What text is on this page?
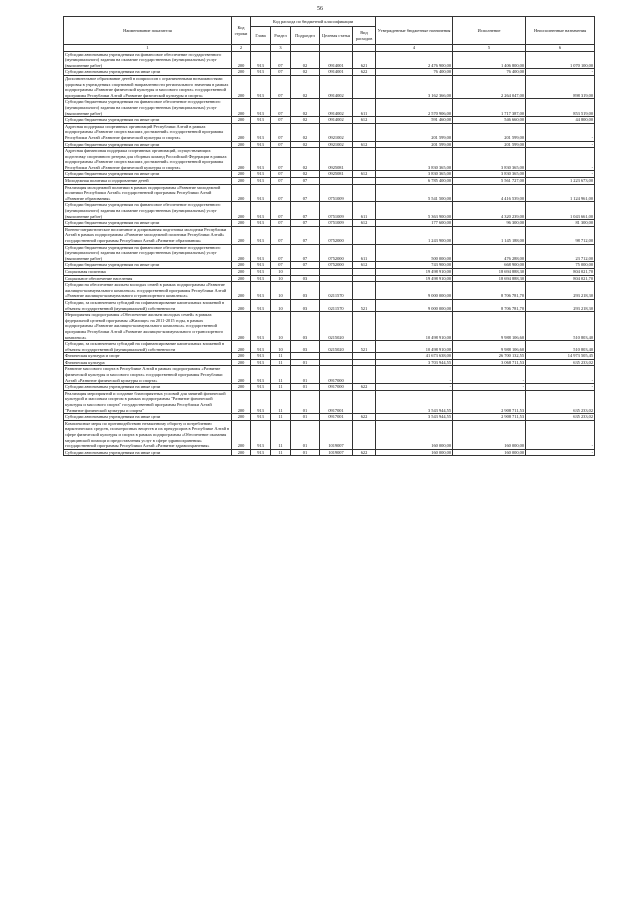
56
Наименование показателя	Код строки	Код расхода по бюджетной классификации					Утвержденные бюджетные назначения	Исполнение	Неисполненные назначения
		Глава	Раздел	Подраздел	Целевая статья	Вид расходов			
1	2		3				4	5	6
Субсидии автономным учреждениям на финансовое обеспечение государственного (муниципального) задания на оказание государственных (муниципальных) услуг (выполнение работ)	200	913	07	02	0914001	621	2 476 900,00	1 406 800,00	1 070 100,00
Субсидии автономным учреждениям на иные цели	200	913	07	02	0914001	622	76 400,00	76 400,00	-
Дополнительное образование детей в поприсосов с ограниченными возможностями здоровья в учреждениях спортивной направленности регионального значения в рамках подпрограммы «Развитие физической культуры и массового спорта» государственной программы Республики Алтай «Развитие физической культуры и спорта»	200	913	07	02	0914002		3 162 366,00	2 264 047,00	898 319,00
Субсидии бюджетным учреждениям на финансовое обеспечение государственного (муниципального) задания на оказание государственных (муниципальных) услуг (выполнение работ)	200	913	07	02	0914002	611	2 570 906,00	1 717 387,00	853 519,00
Субсидии бюджетным учреждениям на иные цели	200	913	07	02	0914002	612	591 460,00	546 660,00	44 800,00
Адресная поддержка спортивных организаций Республики Алтай в рамках подпрограммы «Развитие спорта высших достижений» государственной программы Республики Алтай «Развитие физической культуры и спорта»	200	913	07	02	0921002		201 599,00	201 599,00	-
Субсидии бюджетным учреждениям на иные цели	200	913	07	02	0921002	612	201 599,00	201 599,00	-
Адресная финансовая поддержка спортивных организаций, осуществляющих подготовку спортивного резерва для сборных команд Российской Федерации в рамках подпрограммы «Развитие спорта высших достижений» государственной программы Республики Алтай «Развитие физической культуры и спорта»	200	913	07	02	0925081		3 830 365,00	3 830 365,00	-
Субсидии бюджетным учреждениям на иные цели	200	913	07	02	0925081	612	3 830 365,00	3 830 365,00	-
Молодежная политика и оздоровление детей	200	913	07	07			6 785 400,00	5 561 727,00	1 223 673,00
Реализация молодежной политики в рамках подпрограммы «Развитие молодежной политики Республики Алтай» государственной программы Республики Алтай «Развитие образования»	200	913	07	07	0751009		5 541 500,00	4 416 539,00	1 124 961,00
Субсидии бюджетным учреждениям на финансовое обеспечение государственного (муниципального) задания на оказание государственных (муниципальных) услуг (выполнение работ)	200	913	07	07	0751009	611	5 363 900,00	4 320 239,00	1 043 661,00
Субсидии бюджетным учреждениям на иные цели	200	913	07	07	0751009	612	177 600,00	96 300,00	81 300,00
Военно-патриотическое воспитание и допризывная подготовка молодежи Республики Алтай в рамках подпрограммы «Развитие молодежной политики Республики Алтай» государственной программы Республики Алтай «Развитие образования»	200	913	07	07	0752000		1 243 900,00	1 145 188,00	98 712,00
Субсидии бюджетным учреждениям на финансовое обеспечение государственного (муниципального) задания на оказание государственных (муниципальных) услуг (выполнение работ)	200	913	07	07	0752000	611	500 000,00	476 288,00	23 712,00
Субсидии бюджетным учреждениям на иные цели	200	913	07	07	0752000	612	743 900,00	668 900,00	75 000,00
Социальная политика	200	913	10				19 498 910,00	18 694 888,30	804 021,70
Социальное обеспечение населения	200	913	10	03			19 498 910,00	18 694 888,30	804 021,70
Субсидии на обеспечение жильем молодых семей в рамках подпрограммы «Развитие жилищно-коммунального комплекса» государственной программы Республики Алтай «Развитие жилищно-коммунального и транспортного комплекса»	200	913	10	03	0211570		9 000 000,00	8 706 781,70	293 218,30
Субсидии, за исключением субсидий на софинансирование капитальных вложений в объекты государственной (муниципальной) собственности	200	913	10	03	0211570	521	9 000 000,00	8 706 781,70	293 218,30
Мероприятия подпрограммы «Обеспечение жильем молодых семей» в рамках федеральной целевой программы «Жилище» на 2011-2015 годы, в рамках подпрограммы «Развитие жилищно-коммунального комплекса» государственной программы Республики Алтай «Развитие жилищно-коммунального и транспортного комплекса»	200	913	10	03	0215020		10 498 910,00	9 988 106,60	510 803,40
Субсидии, за исключением субсидий на софинансирование капитальных вложений в объекты государственной (муниципальной) собственности	200	913	10	03	0215020	521	10 498 910,00	9 988 106,60	510 803,40
Физическая культура и спорт	200	913	11				41 673 638,00	26 700 132,55	14 973 505,45
Физическая культура	200	913	11	01			3 703 944,55	3 068 711,53	635 233,02
Развитие массового спорта в Республике Алтай в рамках подпрограммы «Развитие физической культуры и массового спорта» государственной программы Республики Алтай «Развитие физической культуры и спорта»	200	913	11	01	0917000		-	-	-
Субсидии автономным учреждениям на иные цели	200	913	11	01	0917000	622	-	-	-
Реализация мероприятий и создание благоприятных условий для занятий физической культурой и массовым спортом в рамках подпрограммы "Развитие физической культуры и массового спорта" государственной программы Республики Алтай "Развитие физической культуры и спорта"	200	913	11	01	0917001		3 543 944,55	2 908 711,53	635 233,02
Субсидии автономным учреждениям на иные цели	200	913	11	01	0917001	622	3 543 944,55	2 908 711,53	635 233,02
Комплексные меры по противодействию незаконному обороту и потреблению наркотических средств, психотропных веществ и их прекурсоров в Республике Алтай в сфере физической культуры и спорта в рамках подпрограммы «Обеспечение оказания медицинской помощи и предоставления услуг в сфере здравоохранения» государственной программы Республики Алтай «Развитие здравоохранения»	200	913	11	01	1019007		160 000,00	160 000,00	-
Субсидии автономным учреждениям на иные цели	200	913	11	01	1019007	622	160 000,00	160 000,00	-
